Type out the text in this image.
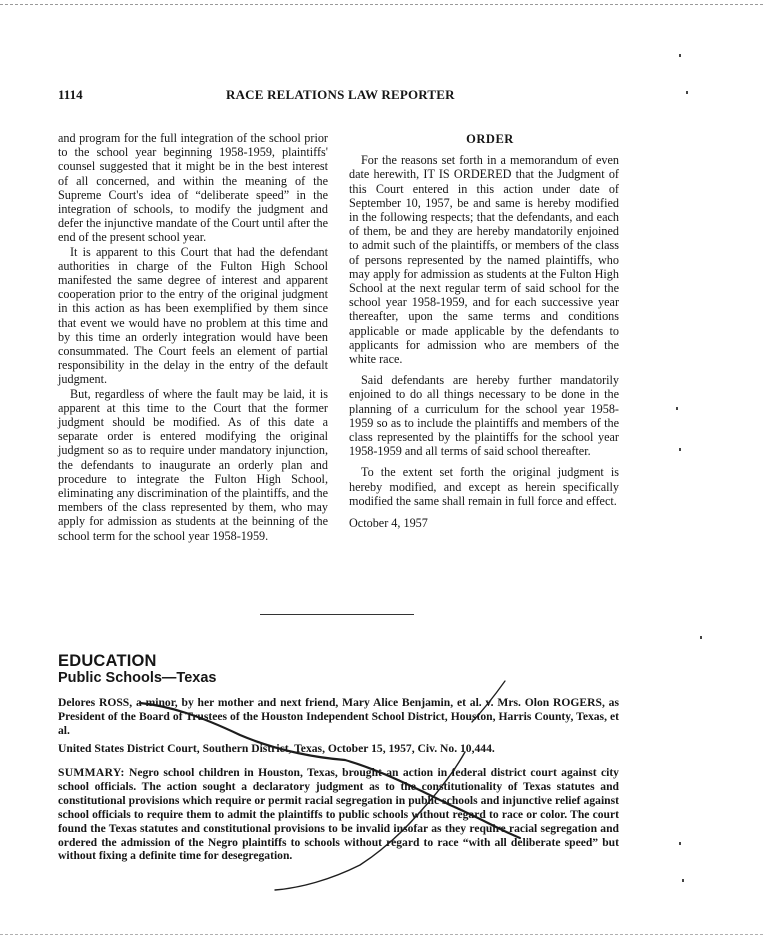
1114	RACE RELATIONS LAW REPORTER

and program for the full integration of the school prior to the school year beginning 1958-1959, plaintiffs' counsel suggested that it might be in the best interest of all concerned, and within the meaning of the Supreme Court's idea of “deliberate speed” in the integration of schools, to modify the judgment and defer the injunctive mandate of the Court until after the end of the present school year.

It is apparent to this Court that had the defendant authorities in charge of the Fulton High School manifested the same degree of interest and apparent cooperation prior to the entry of the original judgment in this action as has been exemplified by them since that event we would have no problem at this time and by this time an orderly integration would have been consummated. The Court feels an element of partial responsibility in the delay in the entry of the default judgment.

But, regardless of where the fault may be laid, it is apparent at this time to the Court that the former judgment should be modified. As of this date a separate order is entered modifying the original judgment so as to require under mandatory injunction, the defendants to inaugurate an orderly plan and procedure to integrate the Fulton High School, eliminating any discrimination of the plaintiffs, and the members of the class represented by them, who may apply for admission as students at the beinning of the school term for the school year 1958-1959.

ORDER

For the reasons set forth in a memorandum of even date herewith, IT IS ORDERED that the Judgment of this Court entered in this action under date of September 10, 1957, be and same is hereby modified in the following respects; that the defendants, and each of them, be and they are hereby mandatorily enjoined to admit such of the plaintiffs, or members of the class of persons represented by the named plaintiffs, who may apply for admission as students at the Fulton High School at the next regular term of said school for the school year 1958-1959, and for each successive year thereafter, upon the same terms and conditions applicable or made applicable by the defendants to applicants for admission who are members of the white race.

Said defendants are hereby further mandatorily enjoined to do all things necessary to be done in the planning of a curriculum for the school year 1958-1959 so as to include the plaintiffs and members of the class represented by the plaintiffs for the school year 1958-1959 and all terms of said school thereafter.

To the extent set forth the original judgment is hereby modified, and except as herein specifically modified the same shall remain in full force and effect.

October 4, 1957

EDUCATION
Public Schools—Texas
Delores ROSS, a minor, by her mother and next friend, Mary Alice Benjamin, et al. v. Mrs. Olon ROGERS, as President of the Board of Trustees of the Houston Independent School District, Houston, Harris County, Texas, et al.
United States District Court, Southern District, Texas, October 15, 1957, Civ. No. 10,444.
SUMMARY: Negro school children in Houston, Texas, brought an action in federal district court against city school officials. The action sought a declaratory judgment as to the constitutionality of Texas statutes and constitutional provisions which require or permit racial segregation in public schools and injunctive relief against school officials to require them to admit the plaintiffs to public schools without regard to race or color. The court found the Texas statutes and constitutional provisions to be invalid insofar as they require racial segregation and ordered the admission of the Negro plaintiffs to schools without regard to race “with all deliberate speed” but without fixing a definite time for desegregation.
